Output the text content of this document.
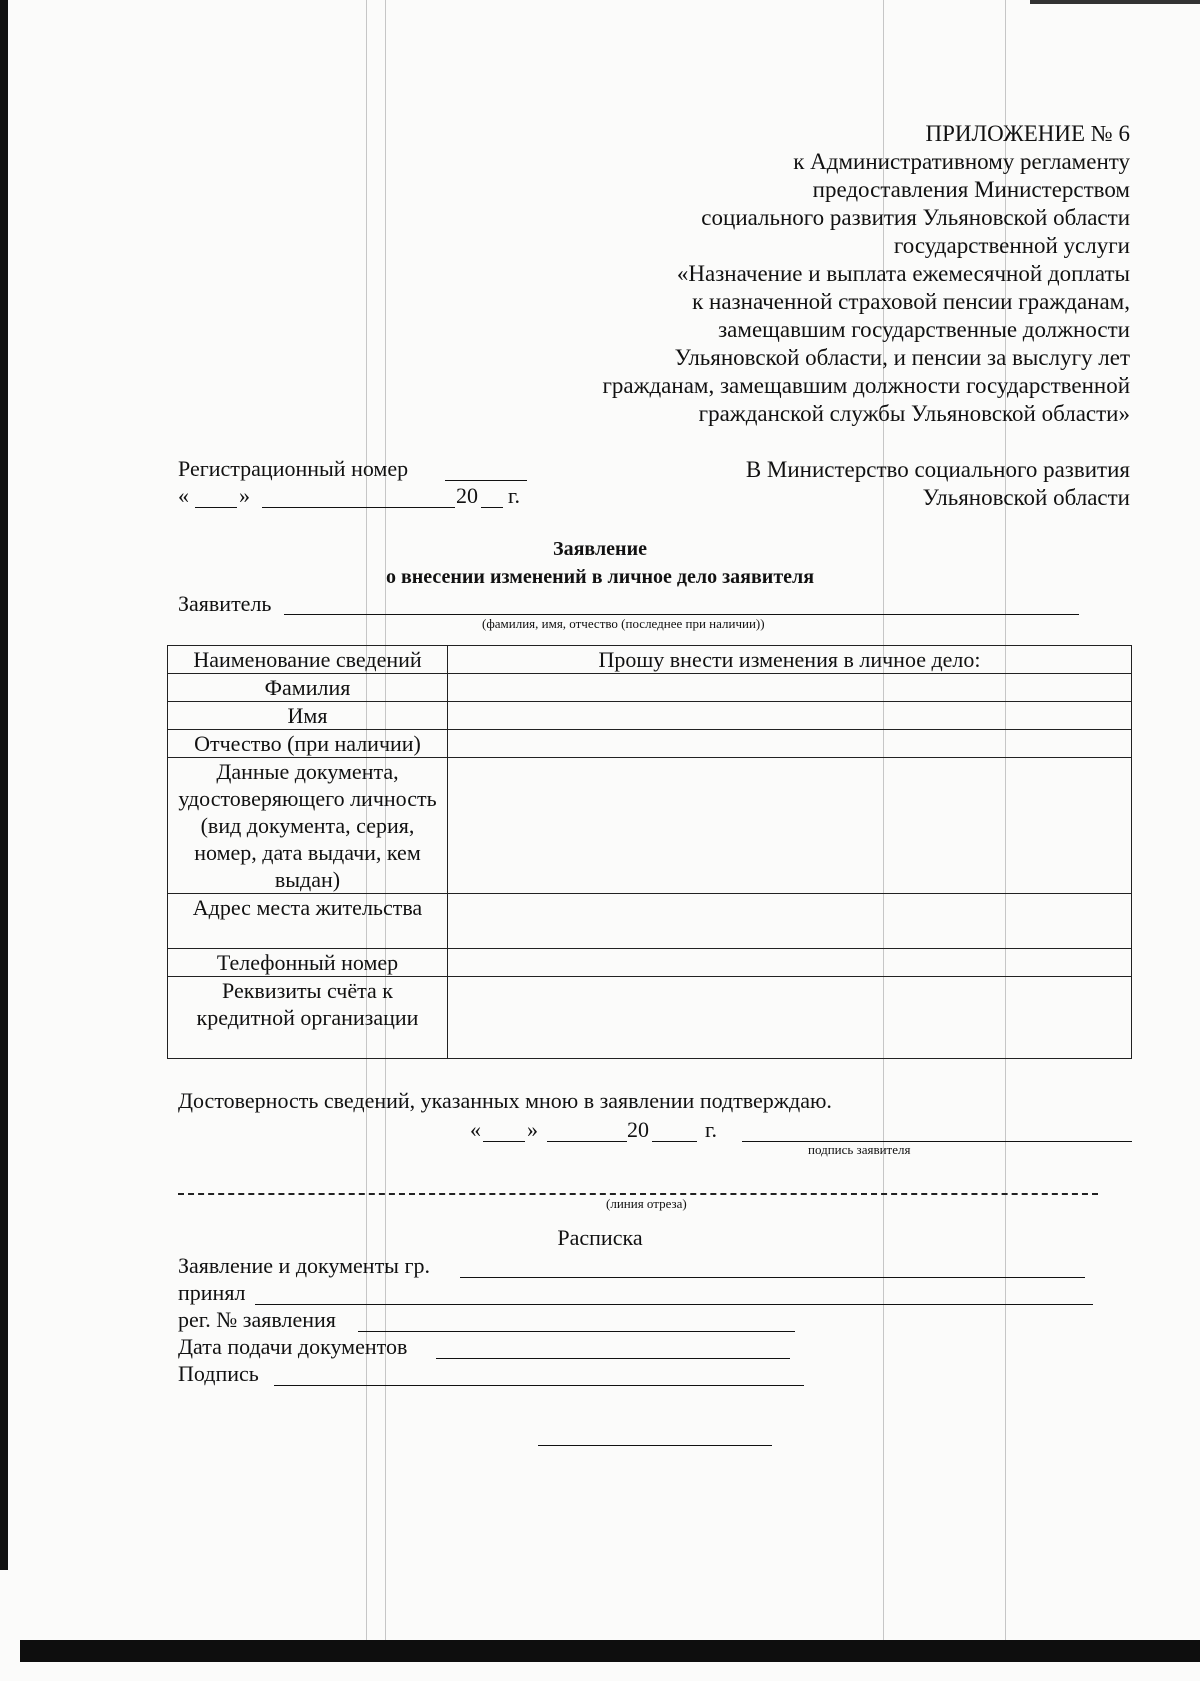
ПРИЛОЖЕНИЕ № 6
к Административному регламенту
предоставления Министерством
социального развития Ульяновской области
государственной услуги
«Назначение и выплата ежемесячной доплаты
к назначенной страховой пенсии гражданам,
замещавшим государственные должности
Ульяновской области, и пенсии за выслугу лет
гражданам, замещавшим должности государственной
гражданской службы Ульяновской области»
Регистрационный номер
« »	20 г.
В Министерство социального развития
Ульяновской области
Заявление
о внесении изменений в личное дело заявителя
Заявитель
(фамилия, имя, отчество (последнее при наличии))
Наименование сведений	Прошу внести изменения в личное дело:
Фамилия	
Имя	
Отчество (при наличии)	
Данные документа, удостоверяющего личность (вид документа, серия, номер, дата выдачи, кем выдан)	
Адрес места жительства	
Телефонный номер	
Реквизиты счёта к кредитной организации	
Достоверность сведений, указанных мною в заявлении подтверждаю.
« »	20	г.
подпись заявителя
(линия отреза)
Расписка
Заявление и документы гр.
принял
рег. № заявления
Дата подачи документов
Подпись
